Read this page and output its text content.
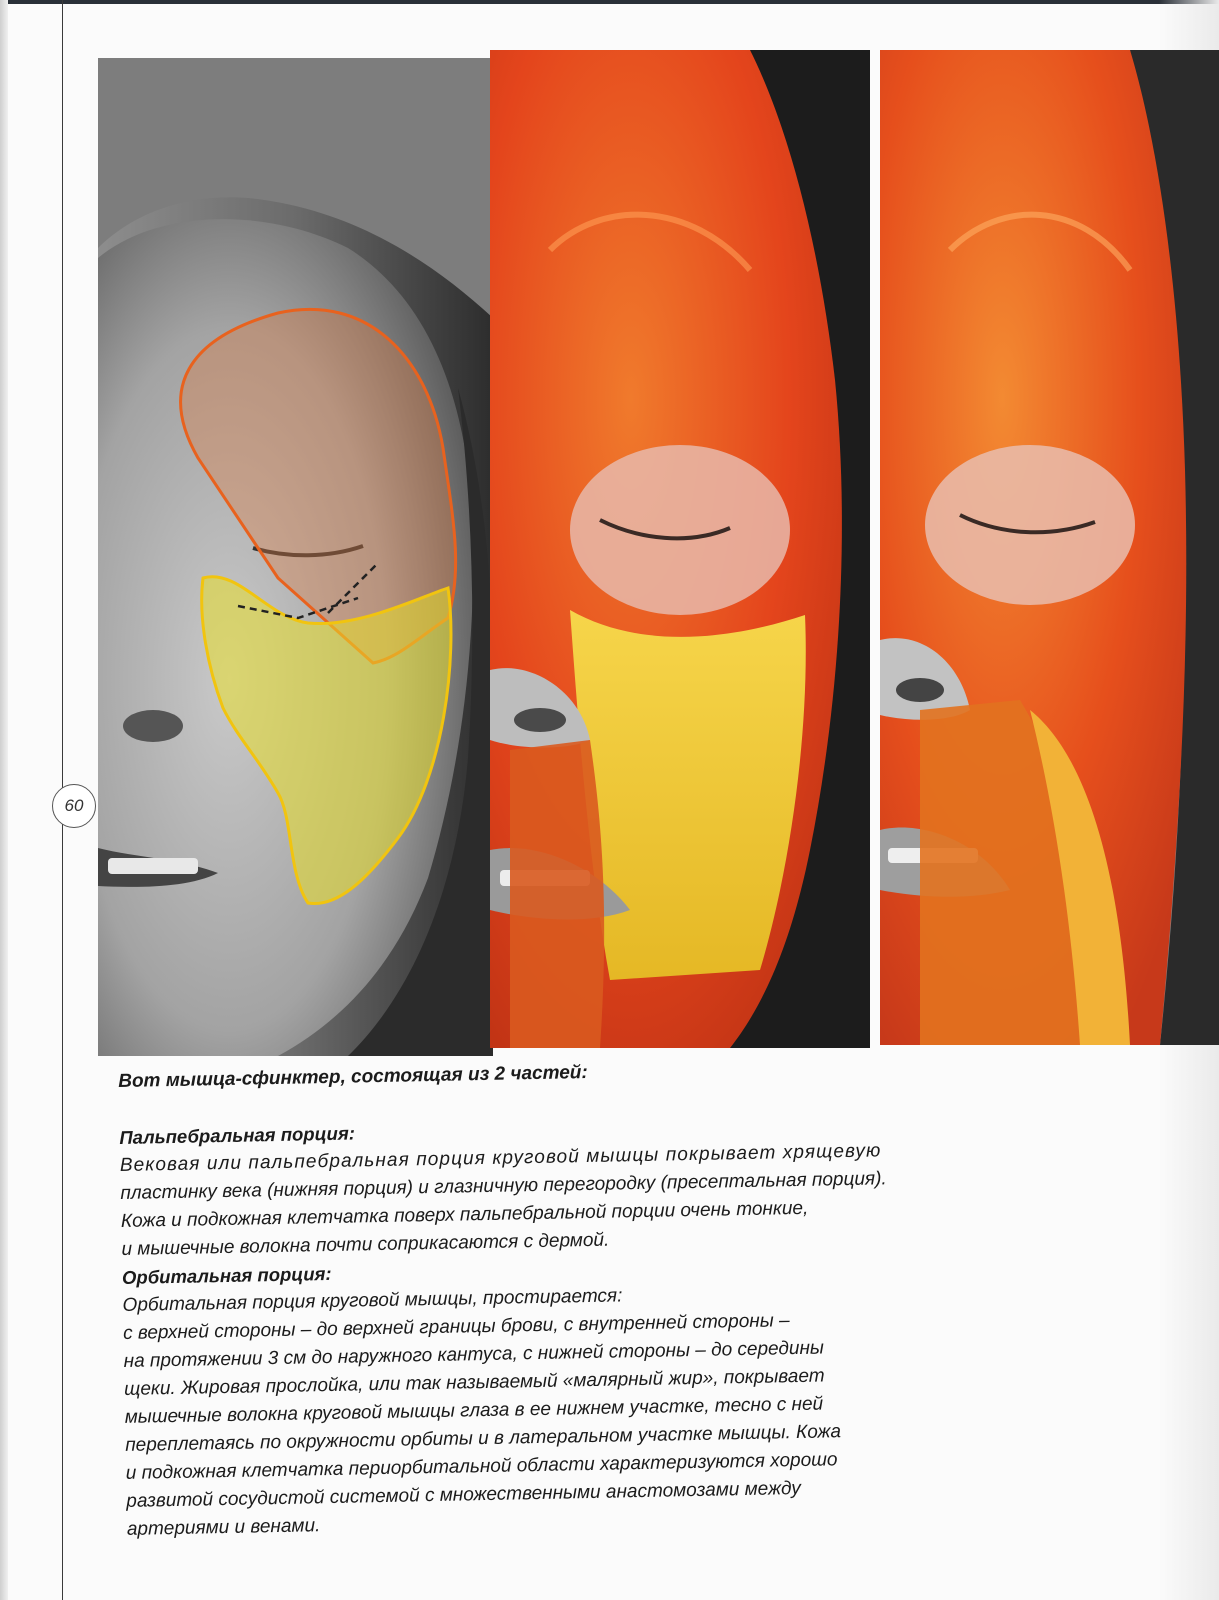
60

Вот мышца-сфинктер, состоящая из 2 частей:

Пальпебральная порция:

Вековая или пальпебральная порция круговой мышцы покрывает хрящевую
пластинку века (нижняя порция) и глазничную перегородку (пресептальная порция).
Кожа и подкожная клетчатка поверх пальпебральной порции очень тонкие,
и мышечные волокна почти соприкасаются с дермой.

Орбитальная порция:

Орбитальная порция круговой мышцы, простирается:
с верхней стороны – до верхней границы брови, с внутренней стороны –
на протяжении 3 см до наружного кантуса, с нижней стороны – до середины
щеки. Жировая прослойка, или так называемый «малярный жир», покрывает
мышечные волокна круговой мышцы глаза в ее нижнем участке, тесно с ней
переплетаясь по окружности орбиты и в латеральном участке мышцы. Кожа
и подкожная клетчатка периорбитальной области характеризуются хорошо
развитой сосудистой системой с множественными анастомозами между
артериями и венами.
